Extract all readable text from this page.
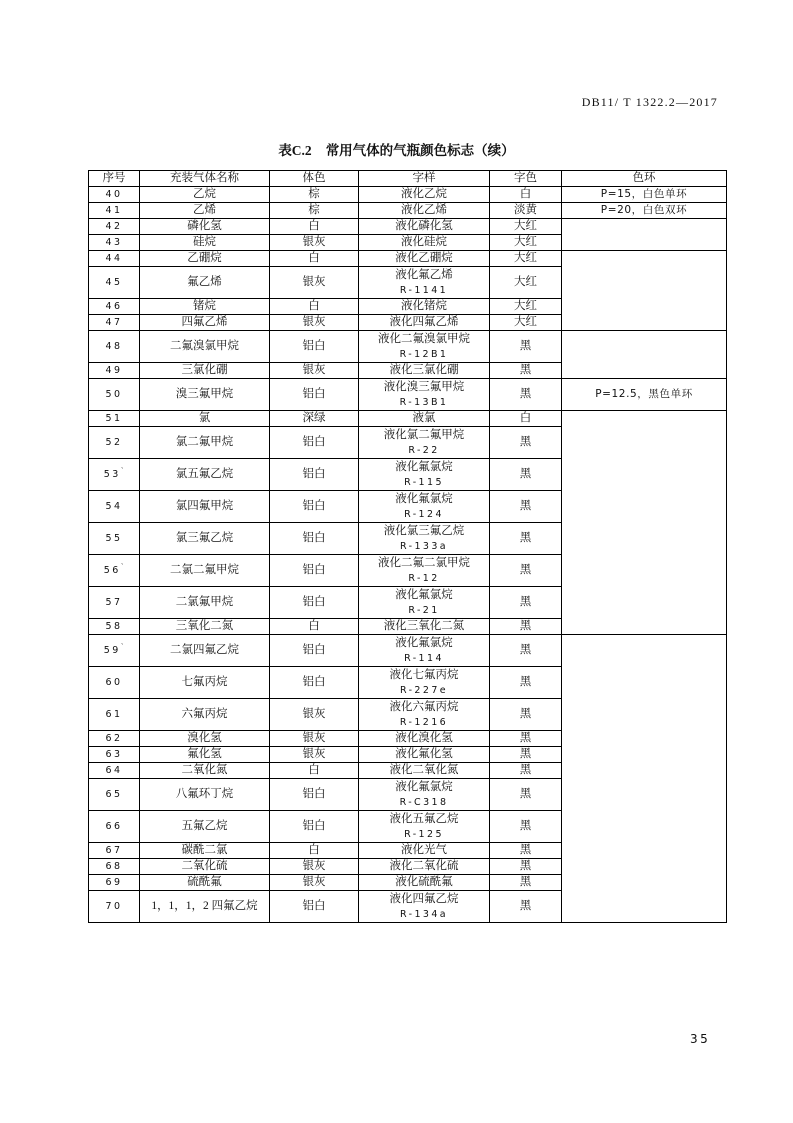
DB11/ T 1322.2—2017
表C.2 常用气体的气瓶颜色标志（续）
序号	充装气体名称	体色	字样	字色	色环
40	乙烷	棕	液化乙烷	白	P=15，白色单环
41	乙烯	棕	液化乙烯	淡黄	P=20，白色双环
42	磷化氢	白	液化磷化氢	大红	
43	硅烷	银灰	液化硅烷	大红	
44	乙硼烷	白	液化乙硼烷	大红	
45	氟乙烯	银灰	液化氟乙烯
R-1141	大红	
46	锗烷	白	液化锗烷	大红	
47	四氟乙烯	银灰	液化四氟乙烯	大红	
48	二氟溴氯甲烷	铝白	液化二氟溴氯甲烷
R-12B1	黑	
49	三氯化硼	银灰	液化三氯化硼	黑	
50	溴三氟甲烷	铝白	液化溴三氟甲烷
R-13B1	黑	P=12.5，黑色单环
51	氯	深绿	液氯	白	
52	氯二氟甲烷	铝白	液化氯二氟甲烷
R-22	黑	
53`	氯五氟乙烷	铝白	液化氟氯烷
R-115	黑	
54	氯四氟甲烷	铝白	液化氟氯烷
R-124	黑	
55	氯三氟乙烷	铝白	液化氯三氟乙烷
R-133a	黑	
56`	二氯二氟甲烷	铝白	液化二氟二氯甲烷
R-12	黑	
57	二氯氟甲烷	铝白	液化氟氯烷
R-21	黑	
58	三氧化二氮	白	液化三氧化二氮	黑	
59`	二氯四氟乙烷	铝白	液化氟氯烷
R-114	黑	
60	七氟丙烷	铝白	液化七氟丙烷
R-227e	黑	
61	六氟丙烷	银灰	液化六氟丙烷
R-1216	黑	
62	溴化氢	银灰	液化溴化氢	黑	
63	氟化氢	银灰	液化氟化氢	黑	
64	二氧化氮	白	液化二氧化氮	黑	
65	八氟环丁烷	铝白	液化氟氯烷
R-C318	黑	
66	五氟乙烷	铝白	液化五氟乙烷
R-125	黑	
67	碳酰二氯	白	液化光气	黑	
68	二氧化硫	银灰	液化二氧化硫	黑	
69	硫酰氟	银灰	液化硫酰氟	黑	
70	1，1，1，2 四氟乙烷	铝白	液化四氟乙烷
R-134a	黑	
35
